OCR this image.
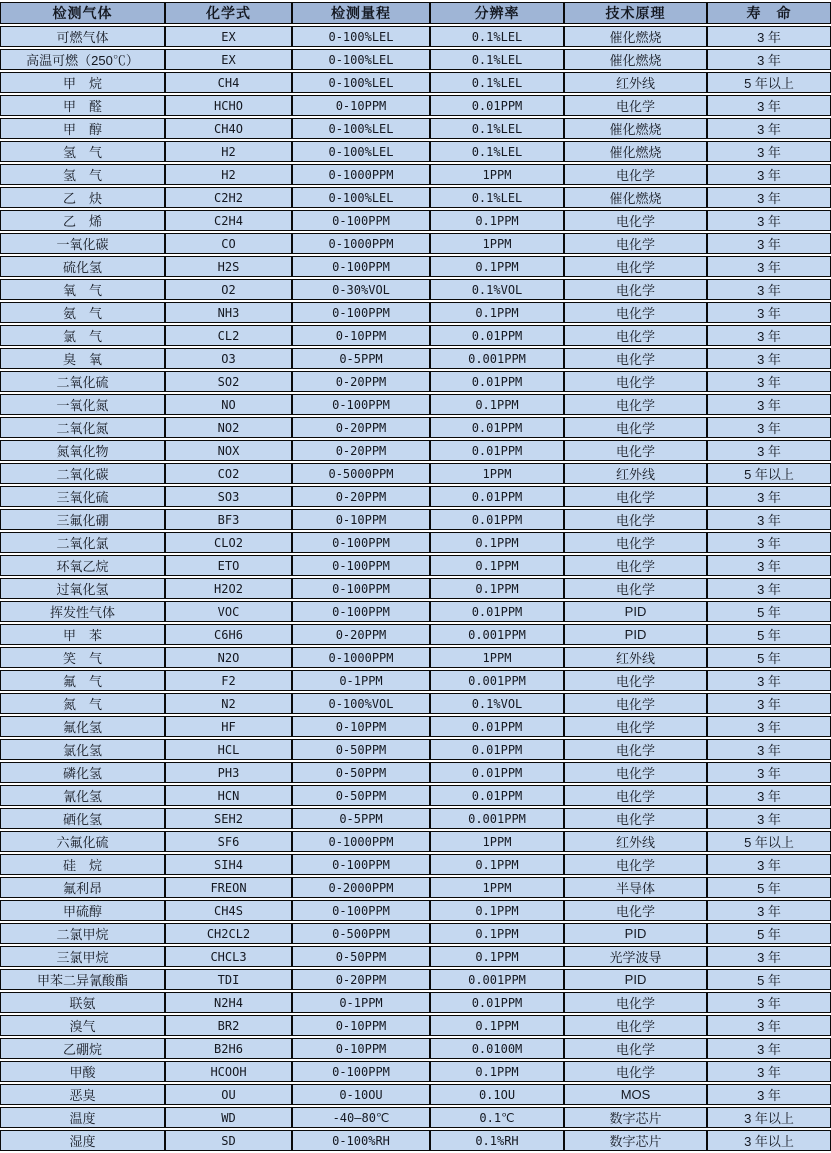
检测气体	化学式	检测量程	分辨率	技术原理	寿　命
可燃气体	EX	0-100%LEL	0.1%LEL	催化燃烧	3 年
高温可燃（250℃）	EX	0-100%LEL	0.1%LEL	催化燃烧	3 年
甲　烷	CH4	0-100%LEL	0.1%LEL	红外线	5 年以上
甲　醛	HCHO	0-10PPM	0.01PPM	电化学	3 年
甲　醇	CH4O	0-100%LEL	0.1%LEL	催化燃烧	3 年
氢　气	H2	0-100%LEL	0.1%LEL	催化燃烧	3 年
氢　气	H2	0-1000PPM	1PPM	电化学	3 年
乙　炔	C2H2	0-100%LEL	0.1%LEL	催化燃烧	3 年
乙　烯	C2H4	0-100PPM	0.1PPM	电化学	3 年
一氧化碳	CO	0-1000PPM	1PPM	电化学	3 年
硫化氢	H2S	0-100PPM	0.1PPM	电化学	3 年
氧　气	O2	0-30%VOL	0.1%VOL	电化学	3 年
氨　气	NH3	0-100PPM	0.1PPM	电化学	3 年
氯　气	CL2	0-10PPM	0.01PPM	电化学	3 年
臭　氧	O3	0-5PPM	0.001PPM	电化学	3 年
二氧化硫	SO2	0-20PPM	0.01PPM	电化学	3 年
一氧化氮	NO	0-100PPM	0.1PPM	电化学	3 年
二氧化氮	NO2	0-20PPM	0.01PPM	电化学	3 年
氮氧化物	NOX	0-20PPM	0.01PPM	电化学	3 年
二氧化碳	CO2	0-5000PPM	1PPM	红外线	5 年以上
三氧化硫	SO3	0-20PPM	0.01PPM	电化学	3 年
三氟化硼	BF3	0-10PPM	0.01PPM	电化学	3 年
二氧化氯	CLO2	0-100PPM	0.1PPM	电化学	3 年
环氧乙烷	ETO	0-100PPM	0.1PPM	电化学	3 年
过氧化氢	H2O2	0-100PPM	0.1PPM	电化学	3 年
挥发性气体	VOC	0-100PPM	0.01PPM	PID	5 年
甲　苯	C6H6	0-20PPM	0.001PPM	PID	5 年
笑　气	N2O	0-1000PPM	1PPM	红外线	5 年
氟　气	F2	0-1PPM	0.001PPM	电化学	3 年
氮　气	N2	0-100%VOL	0.1%VOL	电化学	3 年
氟化氢	HF	0-10PPM	0.01PPM	电化学	3 年
氯化氢	HCL	0-50PPM	0.01PPM	电化学	3 年
磷化氢	PH3	0-50PPM	0.01PPM	电化学	3 年
氰化氢	HCN	0-50PPM	0.01PPM	电化学	3 年
硒化氢	SEH2	0-5PPM	0.001PPM	电化学	3 年
六氟化硫	SF6	0-1000PPM	1PPM	红外线	5 年以上
硅　烷	SIH4	0-100PPM	0.1PPM	电化学	3 年
氟利昂	FREON	0-2000PPM	1PPM	半导体	5 年
甲硫醇	CH4S	0-100PPM	0.1PPM	电化学	3 年
二氯甲烷	CH2CL2	0-500PPM	0.1PPM	PID	5 年
三氯甲烷	CHCL3	0-50PPM	0.1PPM	光学波导	3 年
甲苯二异氰酸酯	TDI	0-20PPM	0.001PPM	PID	5 年
联氨	N2H4	0-1PPM	0.01PPM	电化学	3 年
溴气	BR2	0-10PPM	0.1PPM	电化学	3 年
乙硼烷	B2H6	0-10PPM	0.0100M	电化学	3 年
甲酸	HCOOH	0-100PPM	0.1PPM	电化学	3 年
恶臭	OU	0-10OU	0.1OU	MOS	3 年
温度	WD	-40—80℃	0.1℃	数字芯片	3 年以上
湿度	SD	0-100%RH	0.1%RH	数字芯片	3 年以上
